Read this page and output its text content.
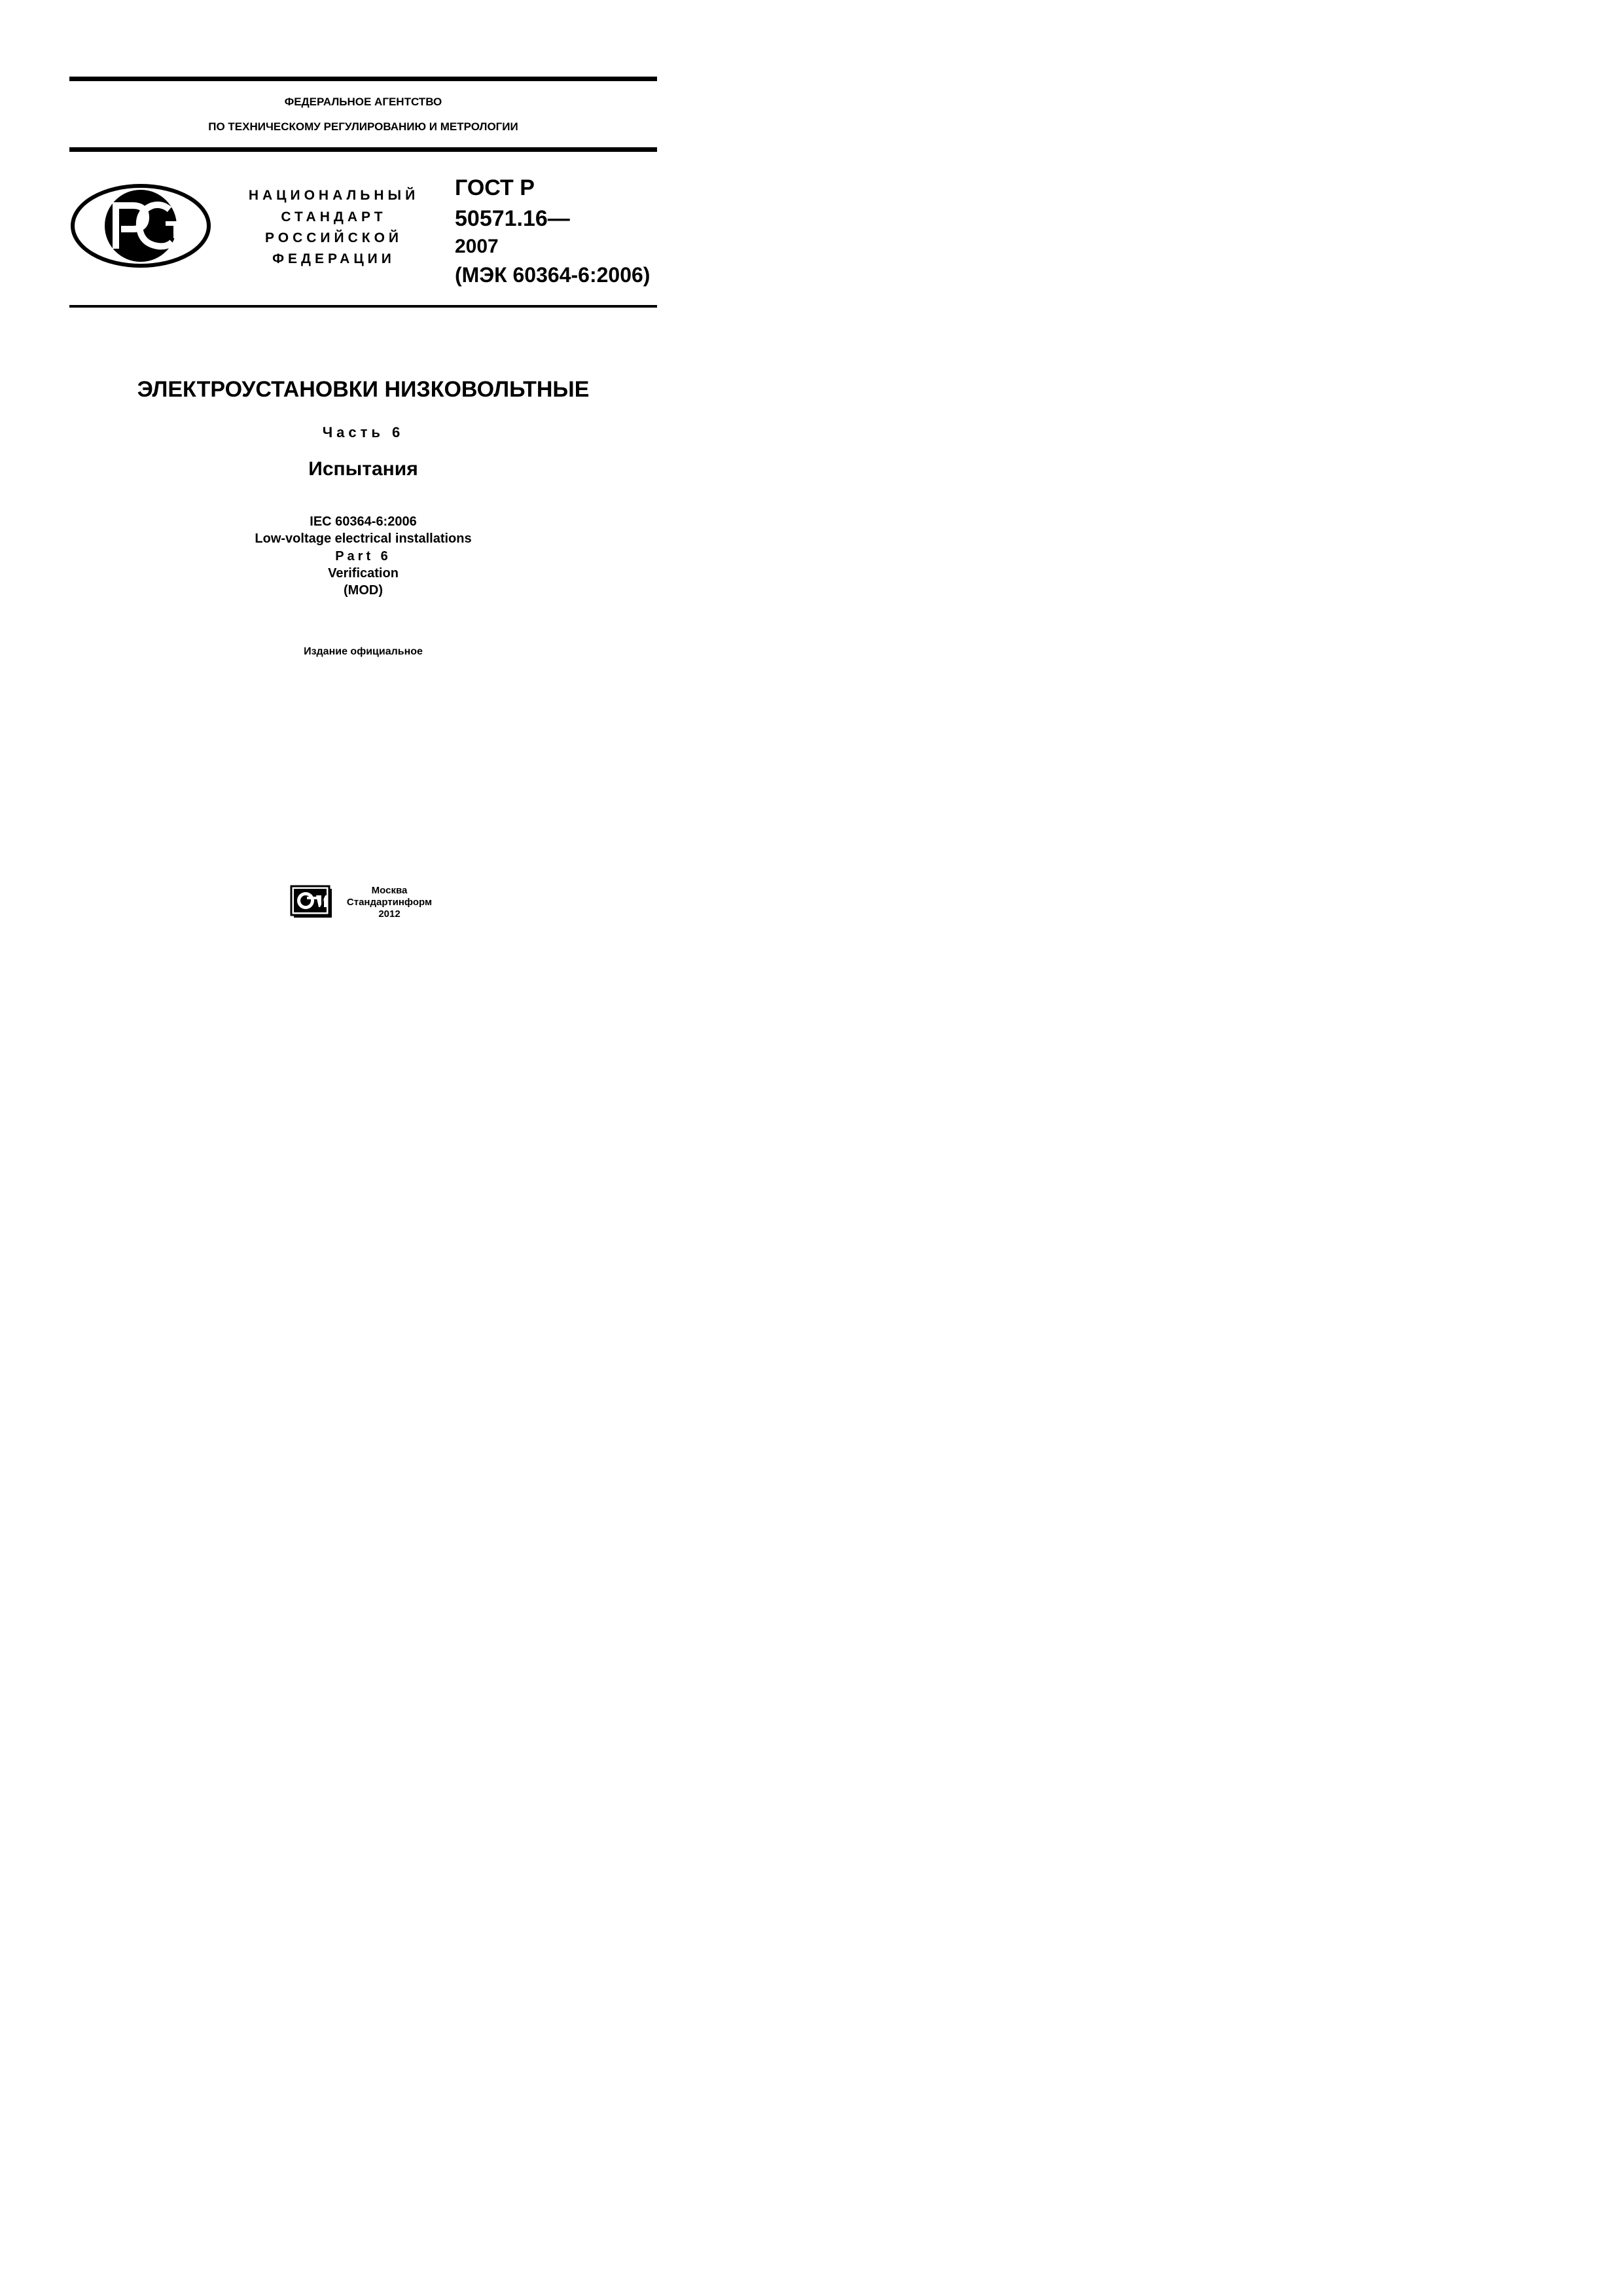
ФЕДЕРАЛЬНОЕ АГЕНТСТВО
ПО ТЕХНИЧЕСКОМУ РЕГУЛИРОВАНИЮ И МЕТРОЛОГИИ
НАЦИОНАЛЬНЫЙ
СТАНДАРТ
РОССИЙСКОЙ
ФЕДЕРАЦИИ
ГОСТ Р
50571.16—
2007
(МЭК 60364-6:2006)
ЭЛЕКТРОУСТАНОВКИ НИЗКОВОЛЬТНЫЕ
Часть 6
Испытания
IEC 60364-6:2006
Low-voltage electrical installations
Part 6
Verification
(MOD)
Издание официальное
Москва
Стандартинформ
2012
